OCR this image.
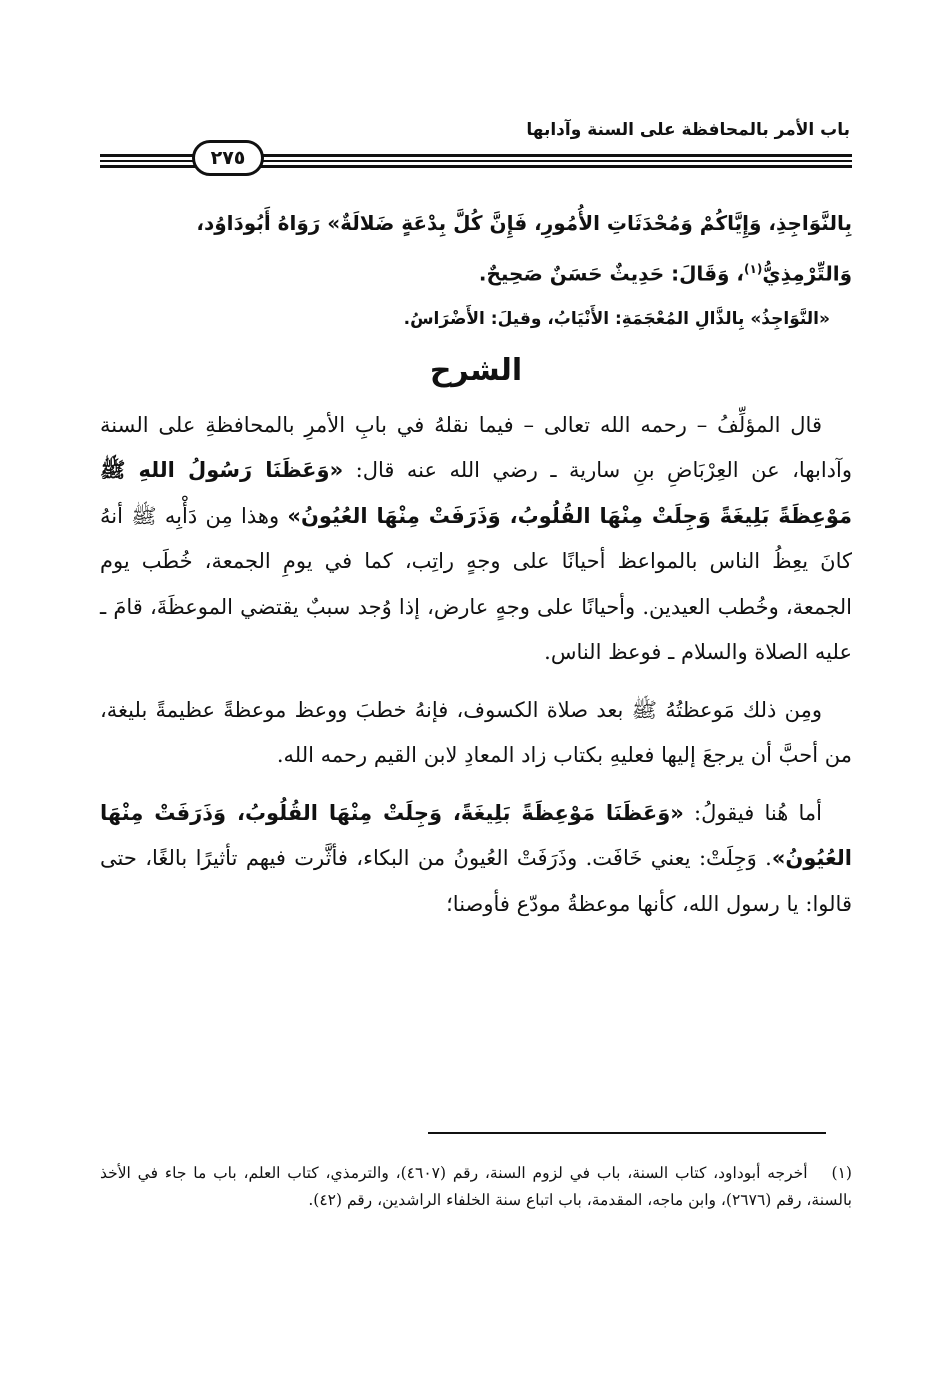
باب الأمر بالمحافظة على السنة وآدابها
٢٧٥

بِالنَّوَاجِذِ، وَإِيَّاكُمْ وَمُحْدَثَاتِ الأُمُورِ، فَإِنَّ كُلَّ بِدْعَةٍ ضَلالَةٌ» رَوَاهُ أَبُودَاوُد،

وَالتِّرْمِذِيُّ$^{(١)}$، وَقَالَ: حَدِيثٌ حَسَنٌ صَحِيحٌ.

«النَّوَاجِذُ» بِالذَّالِ المُعْجَمَةِ: الأَنْيَابُ، وقيلَ: الأَضْرَاسُ.

الشرح

قال المؤلِّفُ – رحمه الله تعالى – فيما نقلهُ في بابِ الأمرِ بالمحافظةِ على السنة وآدابها، عن العِرْبَاضِ بنِ سارية ـ رضي الله عنه قال: «وَعَظَنَا رَسُولُ اللهِ ﷺ مَوْعِظَةً بَلِيغَةً وَجِلَتْ مِنْهَا القُلُوبُ، وَذَرَفَتْ مِنْهَا العُيُونُ» وهذا مِن دَأْبِه ﷺ أنهُ كانَ يعِظُ الناس بالمواعظ أحيانًا على وجهٍ راتِب، كما في يومِ الجمعة، خُطَب يوم الجمعة، وخُطب العيدين. وأحيانًا على وجهٍ عارض، إذا وُجد سببٌ يقتضي الموعظَةَ، قامَ ـ عليه الصلاة والسلام ـ فوعظ الناس.

ومِن ذلك مَوعظتُهُ ﷺ بعد صلاة الكسوف، فإنهُ خطبَ ووعظ موعظةً عظيمةً بليغة، من أحبَّ أن يرجعَ إليها فعليهِ بكتاب زاد المعادِ لابن القيم رحمه الله.

أما هُنا فيقولُ: «وَعَظَنَا مَوْعِظَةً بَلِيغَةً، وَجِلَتْ مِنْهَا القُلُوبُ، وَذَرَفَتْ مِنْهَا العُيُونُ». وَجِلَتْ: يعني خَافَت. وذَرَفَتْ العُيونُ من البكاء، فأثَّرت فيهم تأثيرًا بالغًا، حتى قالوا: يا رسول الله، كأنها موعظةُ مودّع فأوصنا؛

(١)أخرجه أبوداود، كتاب السنة، باب في لزوم السنة، رقم (٤٦٠٧)، والترمذي، كتاب العلم، باب ما جاء في الأخذ بالسنة، رقم (٢٦٧٦)، وابن ماجه، المقدمة، باب اتباع سنة الخلفاء الراشدين، رقم (٤٢).
